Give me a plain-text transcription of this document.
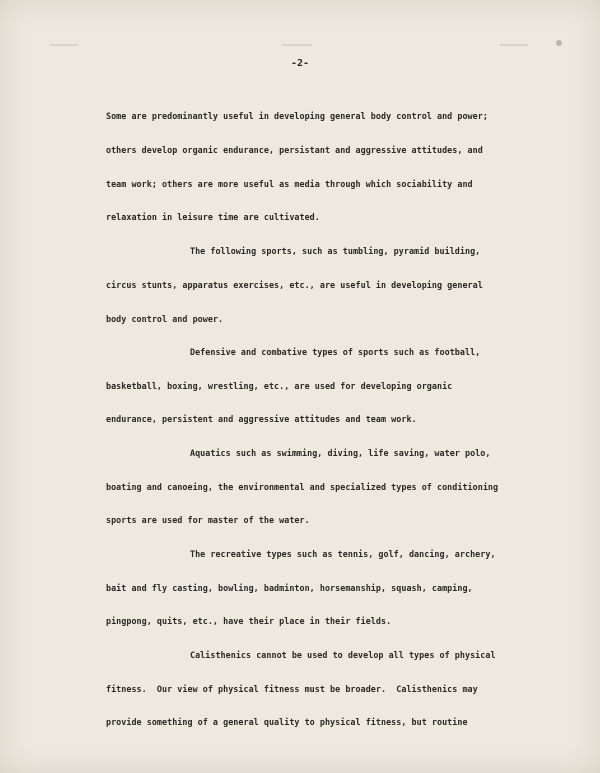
-2-
Some are predominantly useful in developing general body control and power;
others develop organic endurance, persistant and aggressive attitudes, and
team work; others are more useful as media through which sociability and
relaxation in leisure time are cultivated.
The following sports, such as tumbling, pyramid building,
circus stunts, apparatus exercises, etc., are useful in developing general
body control and power.
Defensive and combative types of sports such as football,
basketball, boxing, wrestling, etc., are used for developing organic
endurance, persistent and aggressive attitudes and team work.
Aquatics such as swimming, diving, life saving, water polo,
boating and canoeing, the environmental and specialized types of conditioning
sports are used for master of the water.
The recreative types such as tennis, golf, dancing, archery,
bait and fly casting, bowling, badminton, horsemanship, squash, camping,
pingpong, quits, etc., have their place in their fields.
Calisthenics cannot be used to develop all types of physical
fitness.  Our view of physical fitness must be broader.  Calisthenics may
provide something of a general quality to physical fitness, but routine
